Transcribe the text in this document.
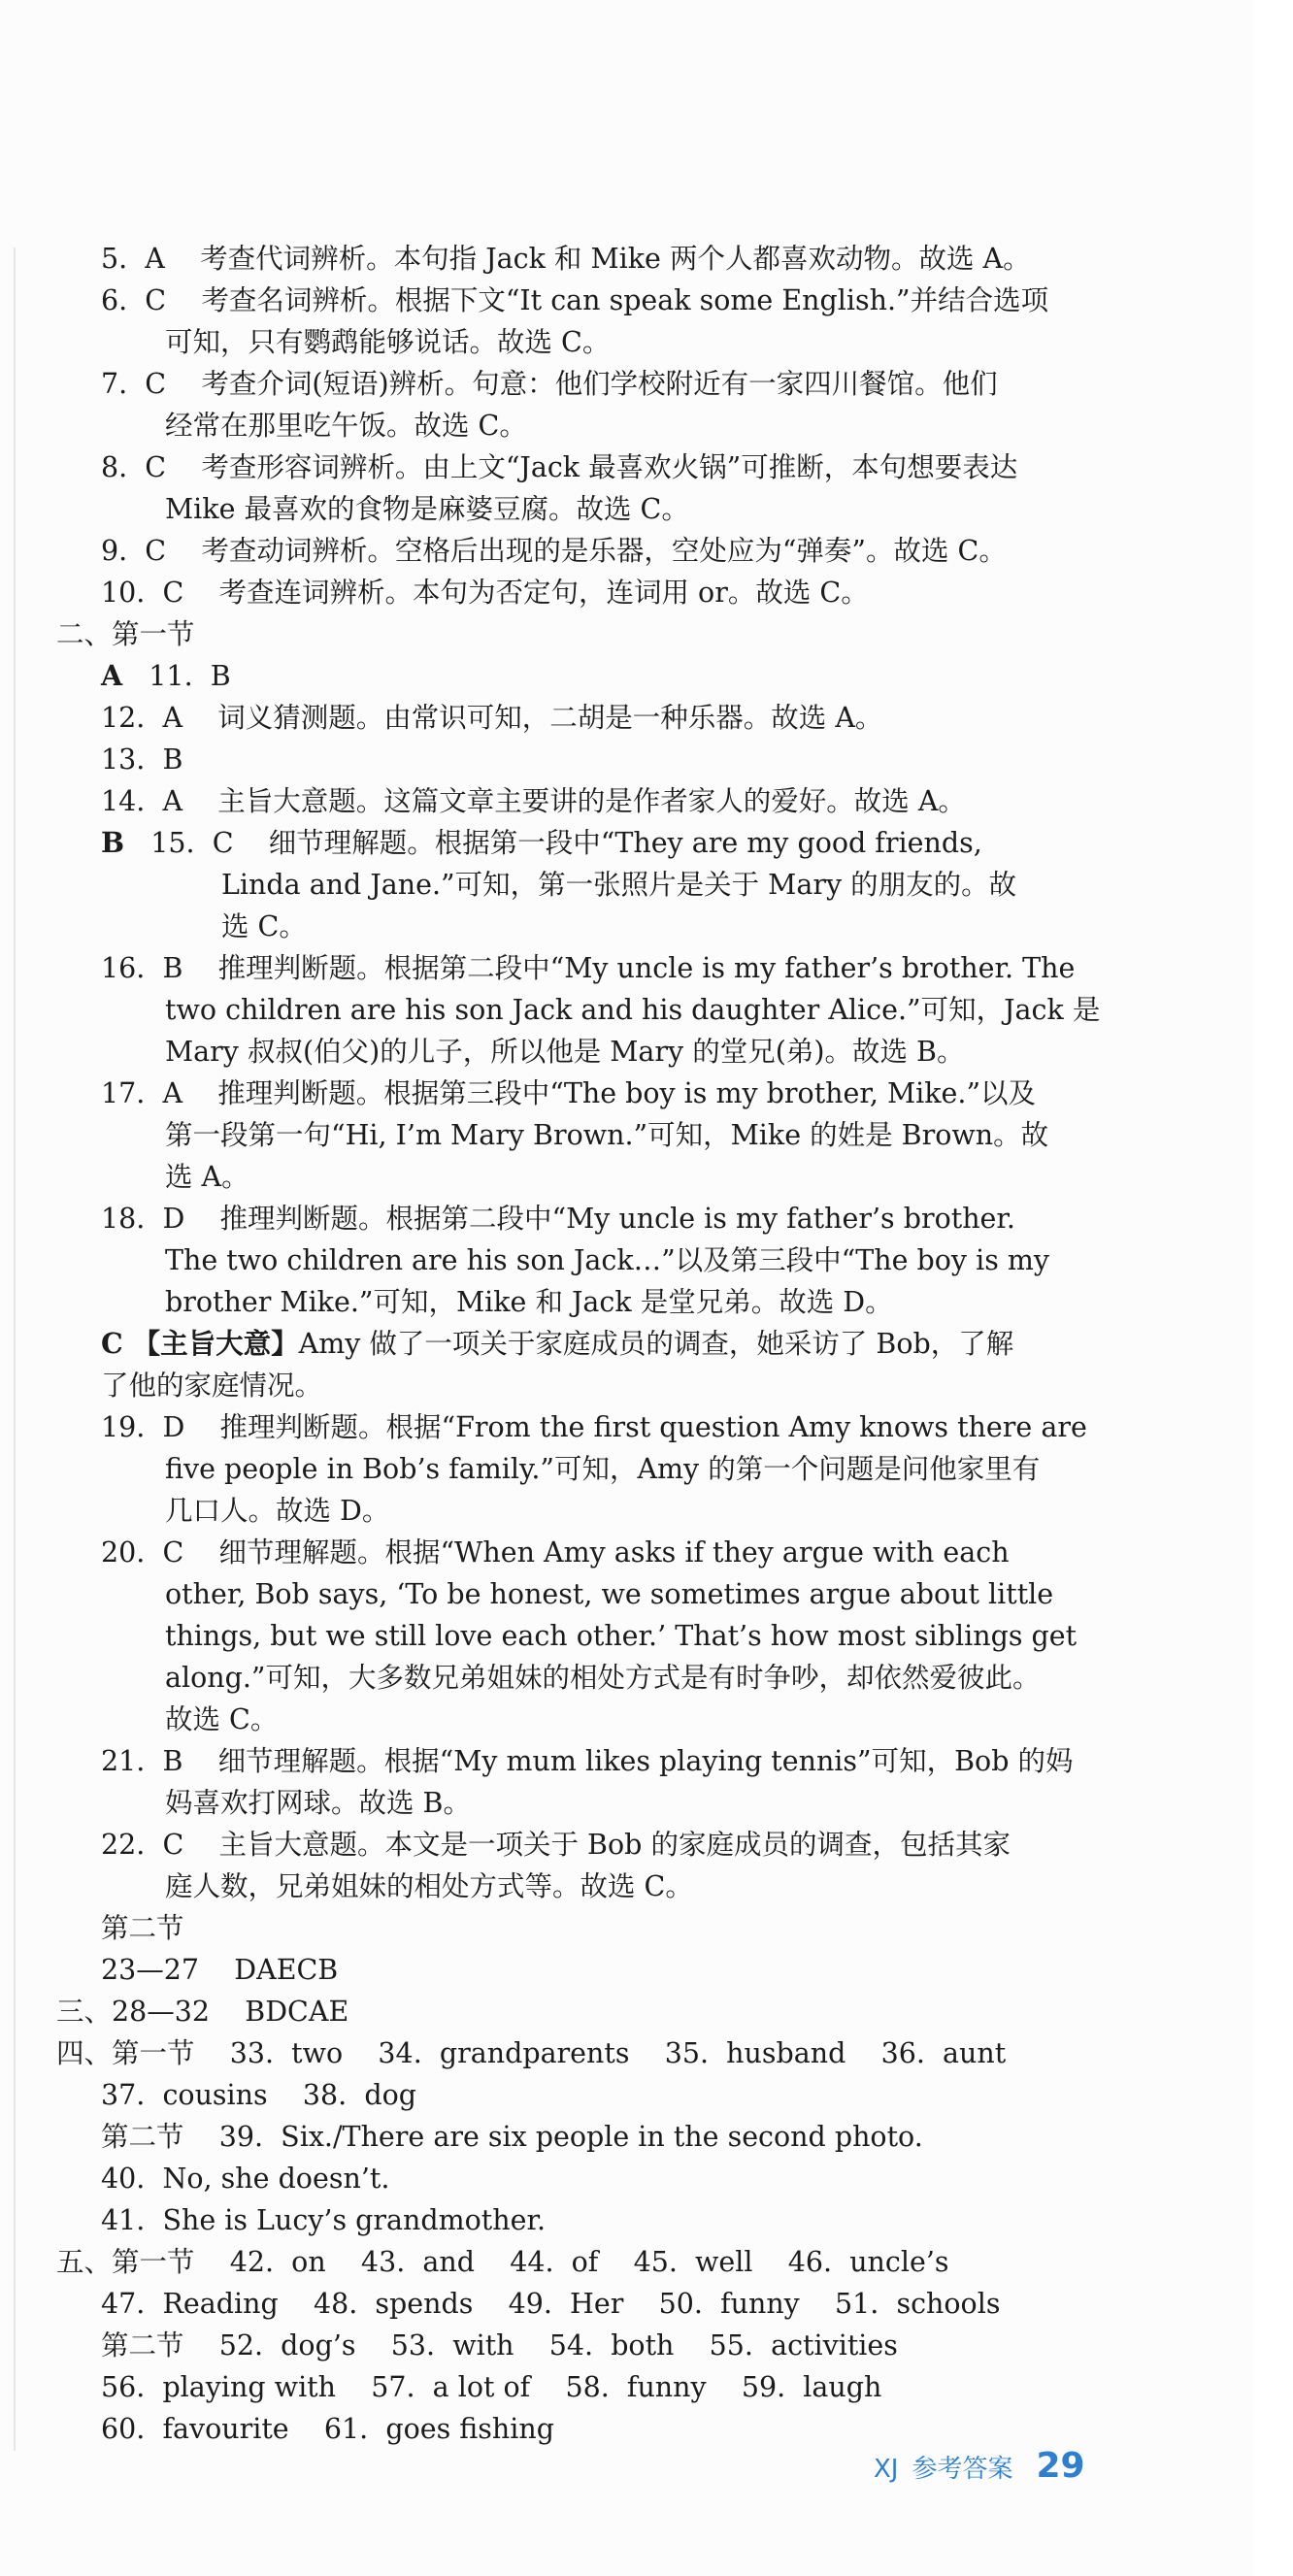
5.  A    考查代词辨析。本句指 Jack 和 Mike 两个人都喜欢动物。故选 A。
6.  C    考查名词辨析。根据下文“It can speak some English.”并结合选项
可知，只有鹦鹉能够说话。故选 C。
7.  C    考查介词(短语)辨析。句意：他们学校附近有一家四川餐馆。他们
经常在那里吃午饭。故选 C。
8.  C    考查形容词辨析。由上文“Jack 最喜欢火锅”可推断，本句想要表达
Mike 最喜欢的食物是麻婆豆腐。故选 C。
9.  C    考查动词辨析。空格后出现的是乐器，空处应为“弹奏”。故选 C。
10.  C    考查连词辨析。本句为否定句，连词用 or。故选 C。
二、第一节
A   11.  B
12.  A    词义猜测题。由常识可知，二胡是一种乐器。故选 A。
13.  B
14.  A    主旨大意题。这篇文章主要讲的是作者家人的爱好。故选 A。
B   15.  C    细节理解题。根据第一段中“They are my good friends,
Linda and Jane.”可知，第一张照片是关于 Mary 的朋友的。故
选 C。
16.  B    推理判断题。根据第二段中“My uncle is my father’s brother. The
two children are his son Jack and his daughter Alice.”可知，Jack 是
Mary 叔叔(伯父)的儿子，所以他是 Mary 的堂兄(弟)。故选 B。
17.  A    推理判断题。根据第三段中“The boy is my brother, Mike.”以及
第一段第一句“Hi, I’m Mary Brown.”可知，Mike 的姓是 Brown。故
选 A。
18.  D    推理判断题。根据第二段中“My uncle is my father’s brother.
The two children are his son Jack…”以及第三段中“The boy is my
brother Mike.”可知，Mike 和 Jack 是堂兄弟。故选 D。
C 【主旨大意】Amy 做了一项关于家庭成员的调查，她采访了 Bob，了解
了他的家庭情况。
19.  D    推理判断题。根据“From the first question Amy knows there are
five people in Bob’s family.”可知，Amy 的第一个问题是问他家里有
几口人。故选 D。
20.  C    细节理解题。根据“When Amy asks if they argue with each
other, Bob says, ‘To be honest, we sometimes argue about little
things, but we still love each other.’ That’s how most siblings get
along.”可知，大多数兄弟姐妹的相处方式是有时争吵，却依然爱彼此。
故选 C。
21.  B    细节理解题。根据“My mum likes playing tennis”可知，Bob 的妈
妈喜欢打网球。故选 B。
22.  C    主旨大意题。本文是一项关于 Bob 的家庭成员的调查，包括其家
庭人数，兄弟姐妹的相处方式等。故选 C。
第二节
23—27    DAECB
三、28—32    BDCAE
四、第一节    33.  two    34.  grandparents    35.  husband    36.  aunt
37.  cousins    38.  dog
第二节    39.  Six./There are six people in the second photo.
40.  No, she doesn’t.
41.  She is Lucy’s grandmother.
五、第一节    42.  on    43.  and    44.  of    45.  well    46.  uncle’s
47.  Reading    48.  spends    49.  Her    50.  funny    51.  schools
第二节    52.  dog’s    53.  with    54.  both    55.  activities
56.  playing with    57.  a lot of    58.  funny    59.  laugh
60.  favourite    61.  goes fishing
XJ 参考答案 29
